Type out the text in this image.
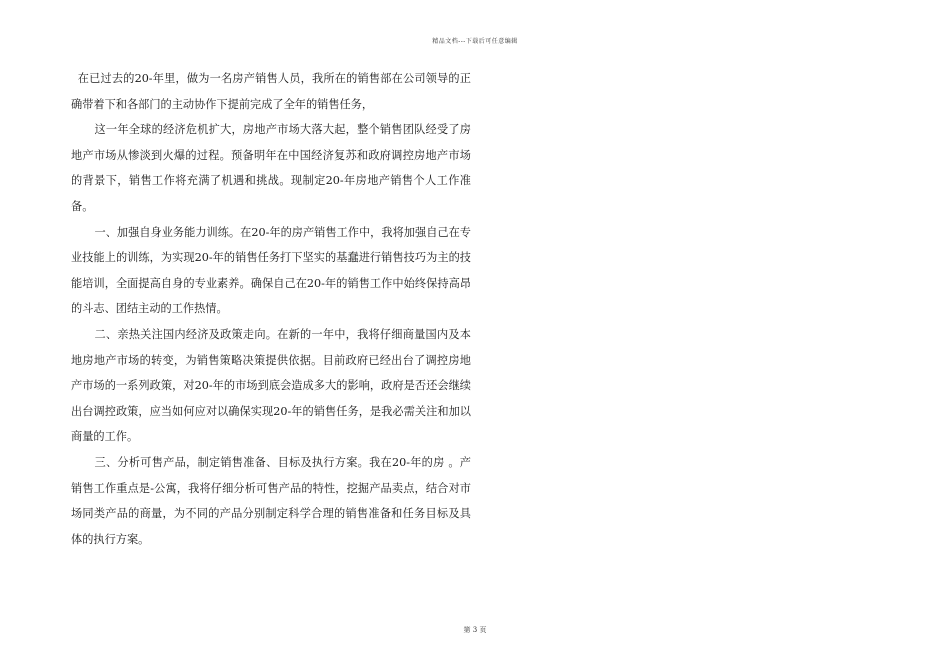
精品文档---下载后可任意编辑

在已过去的20-年里，做为一名房产销售人员，我所在的销售部在公司领导的正确带着下和各部门的主动协作下提前完成了全年的销售任务，

这一年全球的经济危机扩大，房地产市场大落大起，整个销售团队经受了房地产市场从惨淡到火爆的过程。预备明年在中国经济复苏和政府调控房地产市场的背景下，销售工作将充满了机遇和挑战。现制定20-年房地产销售个人工作准备。

一、加强自身业务能力训练。在20-年的房产销售工作中，我将加强自己在专业技能上的训练，为实现20-年的销售任务打下坚实的基蠢进行销售技巧为主的技能培训，全面提高自身的专业素养。确保自己在20-年的销售工作中始终保持高昂的斗志、团结主动的工作热情。

二、亲热关注国内经济及政策走向。在新的一年中，我将仔细商量国内及本地房地产市场的转变，为销售策略决策提供依据。目前政府已经出台了调控房地产市场的一系列政策，对20-年的市场到底会造成多大的影响，政府是否还会继续出台调控政策，应当如何应对以确保实现20-年的销售任务，是我必需关注和加以商量的工作。

三、分析可售产品，制定销售准备、目标及执行方案。我在20-年的房 。产销售工作重点是-公寓，我将仔细分析可售产品的特性，挖掘产品卖点，结合对市场同类产品的商量，为不同的产品分别制定科学合理的销售准备和任务目标及具体的执行方案。

第 3 页
